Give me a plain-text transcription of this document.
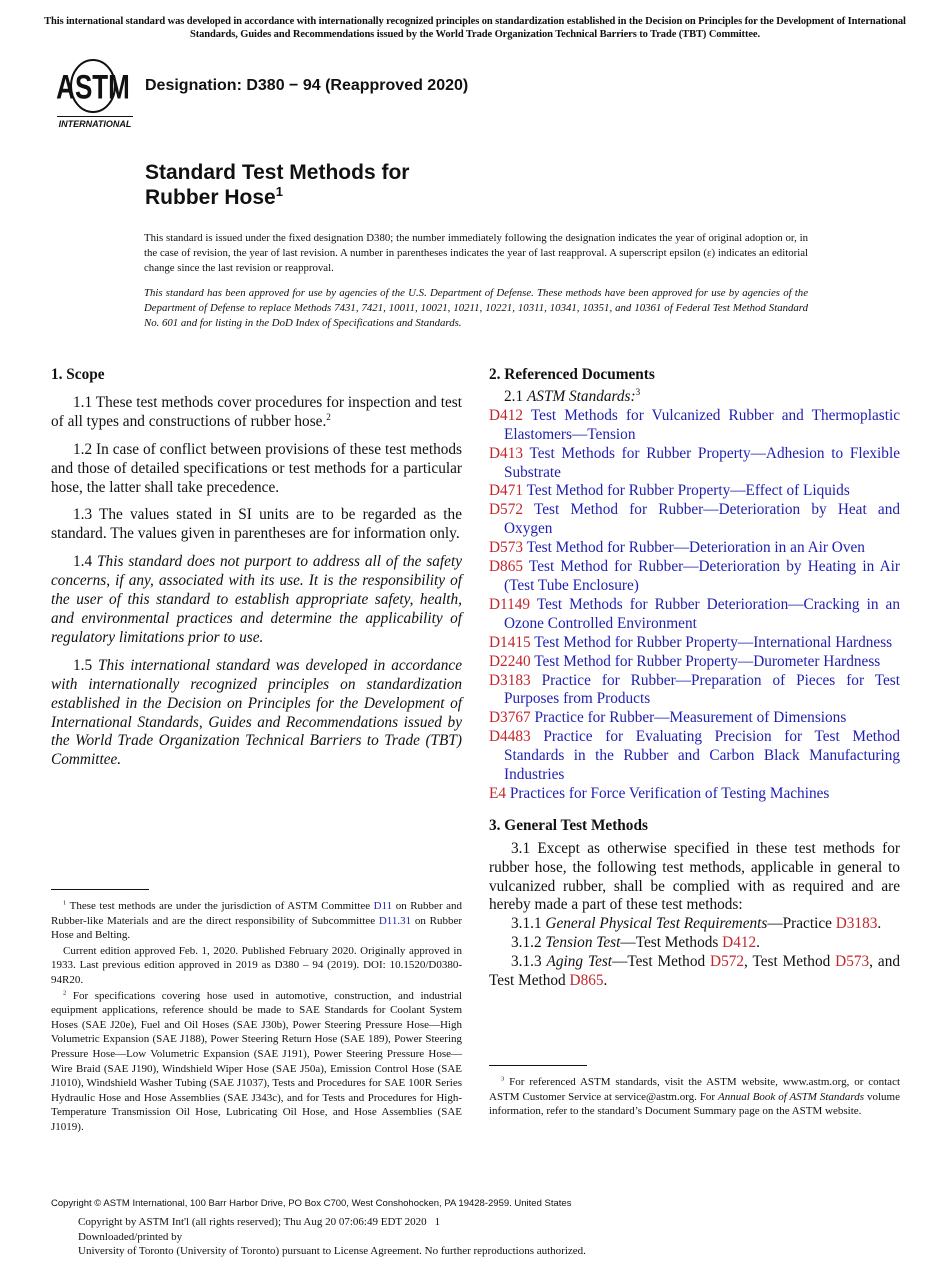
This international standard was developed in accordance with internationally recognized principles on standardization established in the Decision on Principles for the Development of International Standards, Guides and Recommendations issued by the World Trade Organization Technical Barriers to Trade (TBT) Committee.
ASTM
INTERNATIONAL
Designation: D380 − 94 (Reapproved 2020)
Standard Test Methods for
Rubber Hose$^1$
This standard is issued under the fixed designation D380; the number immediately following the designation indicates the year of original adoption or, in the case of revision, the year of last revision. A number in parentheses indicates the year of last reapproval. A superscript epsilon (ε) indicates an editorial change since the last revision or reapproval.
This standard has been approved for use by agencies of the U.S. Department of Defense. These methods have been approved for use by agencies of the Department of Defense to replace Methods 7431, 7421, 10011, 10021, 10211, 10221, 10311, 10341, 10351, and 10361 of Federal Test Method Standard No. 601 and for listing in the DoD Index of Specifications and Standards.
1. Scope
1.1 These test methods cover procedures for inspection and test of all types and constructions of rubber hose.$^2$
1.2 In case of conflict between provisions of these test methods and those of detailed specifications or test methods for a particular hose, the latter shall take precedence.
1.3 The values stated in SI units are to be regarded as the standard. The values given in parentheses are for information only.
1.4 This standard does not purport to address all of the safety concerns, if any, associated with its use. It is the responsibility of the user of this standard to establish appropriate safety, health, and environmental practices and determine the applicability of regulatory limitations prior to use.
1.5 This international standard was developed in accordance with internationally recognized principles on standardization established in the Decision on Principles for the Development of International Standards, Guides and Recommendations issued by the World Trade Organization Technical Barriers to Trade (TBT) Committee.
$^1$ These test methods are under the jurisdiction of ASTM Committee D11 on Rubber and Rubber-like Materials and are the direct responsibility of Subcommittee D11.31 on Rubber Hose and Belting.
Current edition approved Feb. 1, 2020. Published February 2020. Originally approved in 1933. Last previous edition approved in 2019 as D380 – 94 (2019). DOI: 10.1520/D0380-94R20.
$^2$ For specifications covering hose used in automotive, construction, and industrial equipment applications, reference should be made to SAE Standards for Coolant System Hoses (SAE J20e), Fuel and Oil Hoses (SAE J30b), Power Steering Pressure Hose—High Volumetric Expansion (SAE J188), Power Steering Return Hose (SAE 189), Power Steering Pressure Hose—Low Volumetric Expansion (SAE J191), Power Steering Pressure Hose—Wire Braid (SAE J190), Windshield Wiper Hose (SAE J50a), Emission Control Hose (SAE J1010), Windshield Washer Tubing (SAE J1037), Tests and Procedures for SAE 100R Series Hydraulic Hose and Hose Assemblies (SAE J343c), and for Tests and Procedures for High-Temperature Transmission Oil Hose, Lubricating Oil Hose, and Hose Assemblies (SAE J1019).
2. Referenced Documents
2.1 ASTM Standards:$^3$
D412 Test Methods for Vulcanized Rubber and Thermoplastic Elastomers—Tension
D413 Test Methods for Rubber Property—Adhesion to Flexible Substrate
D471 Test Method for Rubber Property—Effect of Liquids
D572 Test Method for Rubber—Deterioration by Heat and Oxygen
D573 Test Method for Rubber—Deterioration in an Air Oven
D865 Test Method for Rubber—Deterioration by Heating in Air (Test Tube Enclosure)
D1149 Test Methods for Rubber Deterioration—Cracking in an Ozone Controlled Environment
D1415 Test Method for Rubber Property—International Hardness
D2240 Test Method for Rubber Property—Durometer Hardness
D3183 Practice for Rubber—Preparation of Pieces for Test Purposes from Products
D3767 Practice for Rubber—Measurement of Dimensions
D4483 Practice for Evaluating Precision for Test Method Standards in the Rubber and Carbon Black Manufacturing Industries
E4 Practices for Force Verification of Testing Machines
3. General Test Methods
3.1 Except as otherwise specified in these test methods for rubber hose, the following test methods, applicable in general to vulcanized rubber, shall be complied with as required and are hereby made a part of these test methods:
3.1.1 General Physical Test Requirements—Practice D3183.
3.1.2 Tension Test—Test Methods D412.
3.1.3 Aging Test—Test Method D572, Test Method D573, and Test Method D865.
$^3$ For referenced ASTM standards, visit the ASTM website, www.astm.org, or contact ASTM Customer Service at service@astm.org. For Annual Book of ASTM Standards volume information, refer to the standard’s Document Summary page on the ASTM website.
Copyright © ASTM International, 100 Barr Harbor Drive, PO Box C700, West Conshohocken, PA 19428-2959. United States
Copyright by ASTM Int'l (all rights reserved); Thu Aug 20 07:06:49 EDT 2020 1
Downloaded/printed by
University of Toronto (University of Toronto) pursuant to License Agreement. No further reproductions authorized.
